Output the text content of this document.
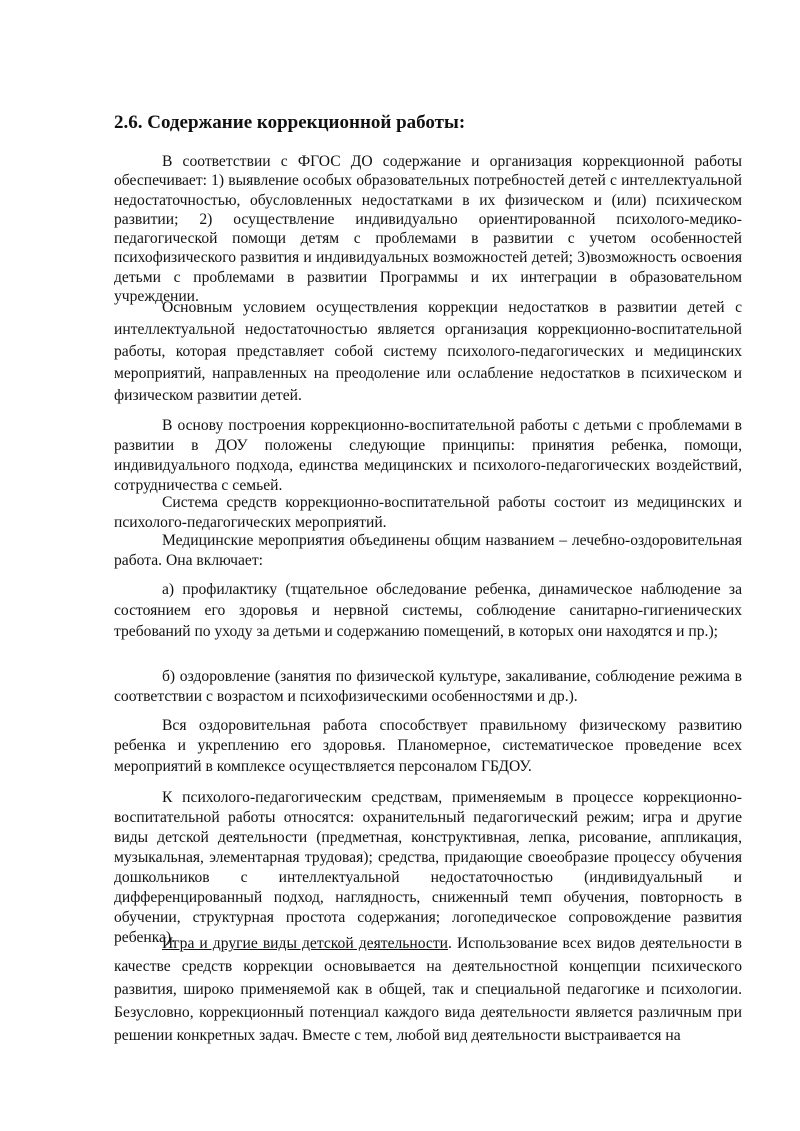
2.6. Содержание коррекционной работы:

В соответствии с ФГОС ДО содержание и организация коррекционной работы обеспечивает: 1) выявление особых образовательных потребностей детей с интеллектуальной недостаточностью, обусловленных недостатками в их физическом и (или) психическом развитии; 2) осуществление индивидуально ориентированной психолого-медико-педагогической помощи детям с проблемами в развитии с учетом особенностей психофизического развития и индивидуальных возможностей детей; 3)возможность освоения детьми с проблемами в развитии Программы и их интеграции в образовательном учреждении.

Основным условием осуществления коррекции недостатков в развитии детей с интеллектуальной недостаточностью является организация коррекционно-воспитательной работы, которая представляет собой систему психолого-педагогических и медицинских мероприятий, направленных на преодоление или ослабление недостатков в психическом и физическом развитии детей.

В основу построения коррекционно-воспитательной работы с детьми с проблемами в развитии в ДОУ положены следующие принципы: принятия ребенка, помощи, индивидуального подхода, единства медицинских и психолого-педагогических воздействий, сотрудничества с семьей.

Система средств коррекционно-воспитательной работы состоит из медицинских и психолого-педагогических мероприятий.

Медицинские мероприятия объединены общим названием – лечебно-оздоровительная работа. Она включает:

а) профилактику (тщательное обследование ребенка, динамическое наблюдение за состоянием его здоровья и нервной системы, соблюдение санитарно-гигиенических требований по уходу за детьми и содержанию помещений, в которых они находятся и пр.);

б) оздоровление (занятия по физической культуре, закаливание, соблюдение режима в соответствии с возрастом и психофизическими особенностями и др.).

Вся оздоровительная работа способствует правильному физическому развитию ребенка и укреплению его здоровья. Планомерное, систематическое проведение всех мероприятий в комплексе осуществляется персоналом ГБДОУ.

К психолого-педагогическим средствам, применяемым в процессе коррекционно-воспитательной работы относятся: охранительный педагогический режим; игра и другие виды детской деятельности (предметная, конструктивная, лепка, рисование, аппликация, музыкальная, элементарная трудовая); средства, придающие своеобразие процессу обучения дошкольников с интеллектуальной недостаточностью (индивидуальный и дифференцированный подход, наглядность, сниженный темп обучения, повторность в обучении, структурная простота содержания; логопедическое сопровождение развития ребенка).

Игра и другие виды детской деятельности. Использование всех видов деятельности в качестве средств коррекции основывается на деятельностной концепции психического развития, широко применяемой как в общей, так и специальной педагогике и психологии. Безусловно, коррекционный потенциал каждого вида деятельности является различным при решении конкретных задач. Вместе с тем, любой вид деятельности выстраивается на
